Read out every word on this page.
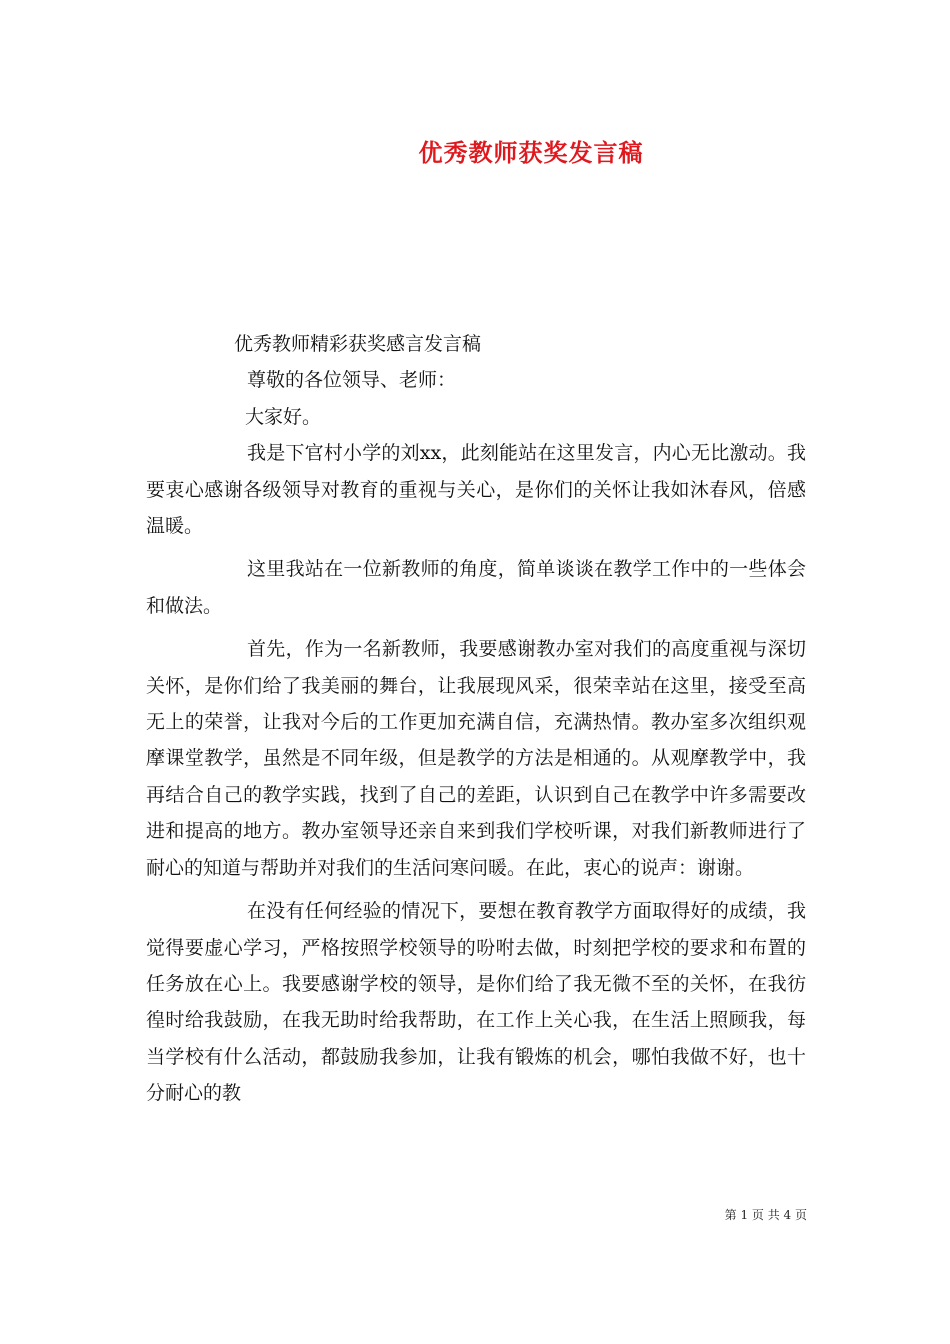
优秀教师获奖发言稿

优秀教师精彩获奖感言发言稿

尊敬的各位领导、老师：

大家好。

我是下官村小学的刘xx，此刻能站在这里发言，内心无比激动。我要衷心感谢各级领导对教育的重视与关心，是你们的关怀让我如沐春风，倍感温暖。

这里我站在一位新教师的角度，简单谈谈在教学工作中的一些体会和做法。

首先，作为一名新教师，我要感谢教办室对我们的高度重视与深切关怀，是你们给了我美丽的舞台，让我展现风采，很荣幸站在这里，接受至高无上的荣誉，让我对今后的工作更加充满自信，充满热情。教办室多次组织观摩课堂教学，虽然是不同年级，但是教学的方法是相通的。从观摩教学中，我再结合自己的教学实践，找到了自己的差距，认识到自己在教学中许多需要改进和提高的地方。教办室领导还亲自来到我们学校听课，对我们新教师进行了耐心的知道与帮助并对我们的生活问寒问暖。在此，衷心的说声：谢谢。

在没有任何经验的情况下，要想在教育教学方面取得好的成绩，我觉得要虚心学习，严格按照学校领导的吩咐去做，时刻把学校的要求和布置的任务放在心上。我要感谢学校的领导，是你们给了我无微不至的关怀，在我彷徨时给我鼓励，在我无助时给我帮助，在工作上关心我，在生活上照顾我，每当学校有什么活动，都鼓励我参加，让我有锻炼的机会，哪怕我做不好，也十分耐心的教

第 1 页 共 4 页
